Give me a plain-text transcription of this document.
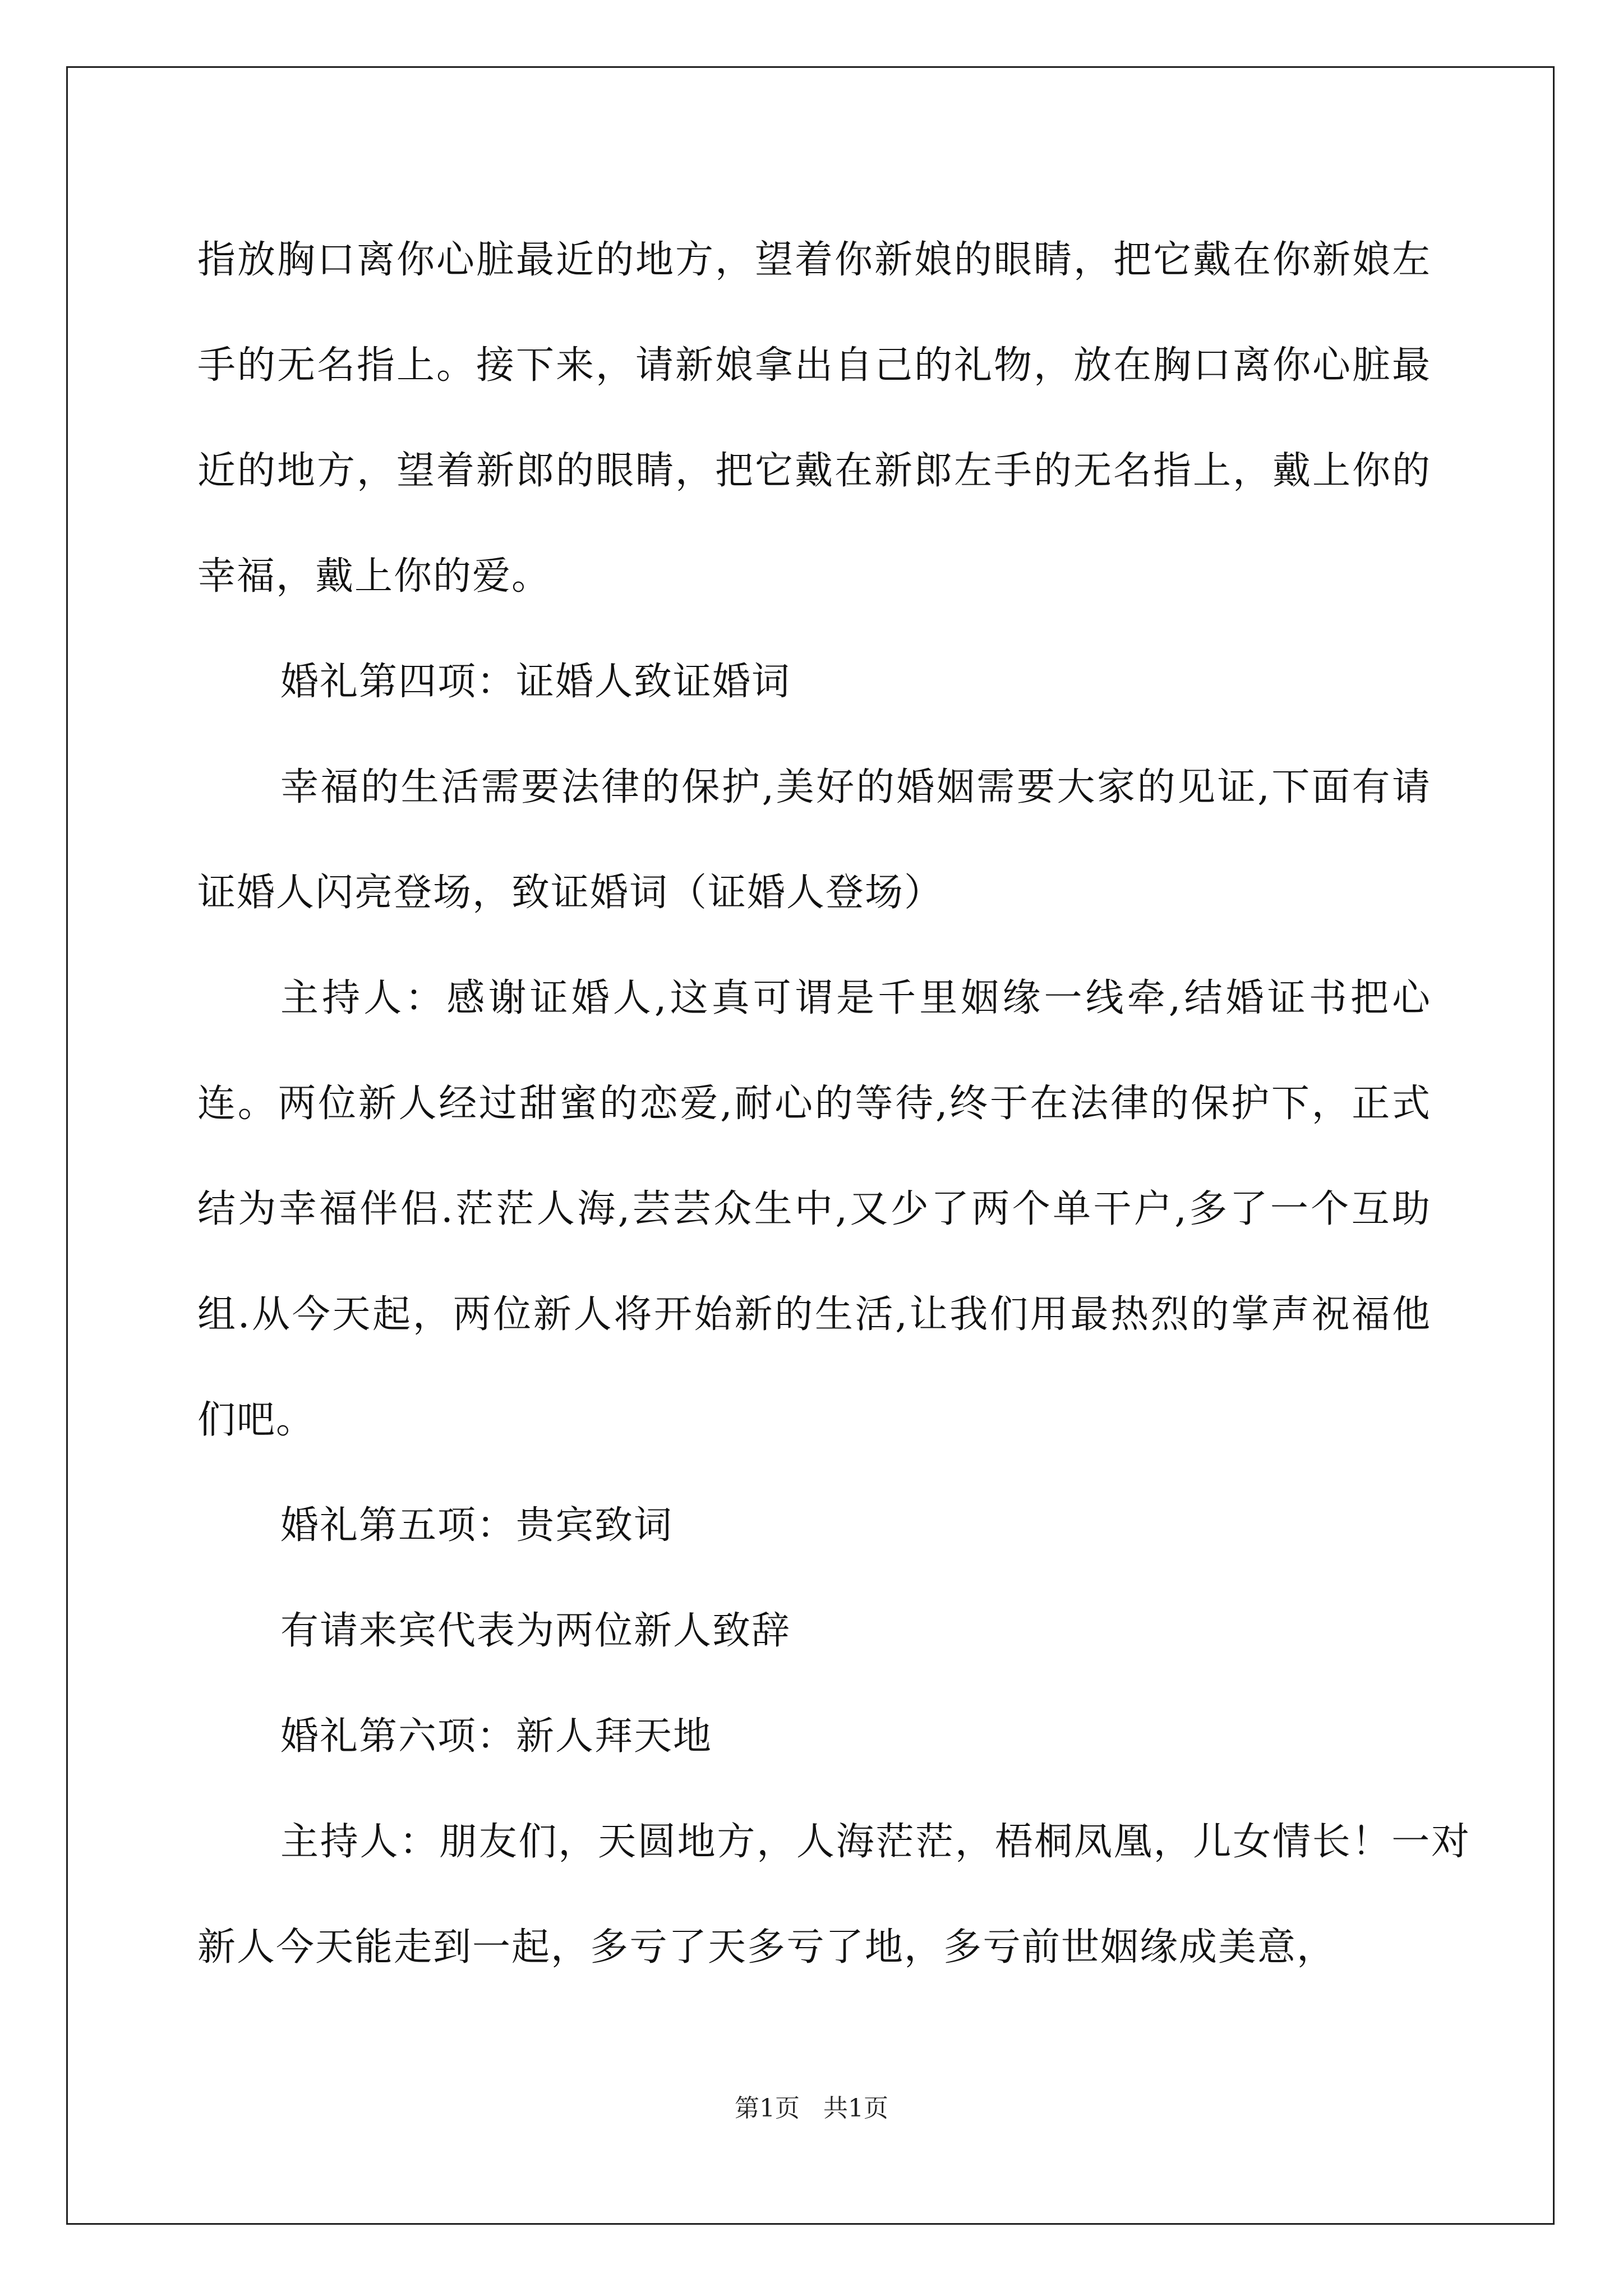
指放胸口离你心脏最近的地方，望着你新娘的眼睛，把它戴在你新娘左手的无名指上。接下来，请新娘拿出自己的礼物，放在胸口离你心脏最近的地方，望着新郎的眼睛，把它戴在新郎左手的无名指上，戴上你的幸福，戴上你的爱。

婚礼第四项：证婚人致证婚词

幸福的生活需要法律的保护,美好的婚姻需要大家的见证,下面有请证婚人闪亮登场，致证婚词（证婚人登场）

主持人：感谢证婚人,这真可谓是千里姻缘一线牵,结婚证书把心连。两位新人经过甜蜜的恋爱,耐心的等待,终于在法律的保护下，正式结为幸福伴侣.茫茫人海,芸芸众生中,又少了两个单干户,多了一个互助组.从今天起，两位新人将开始新的生活,让我们用最热烈的掌声祝福他们吧。

婚礼第五项：贵宾致词

有请来宾代表为两位新人致辞

婚礼第六项：新人拜天地

主持人：朋友们，天圆地方，人海茫茫，梧桐凤凰，儿女情长！一对新人今天能走到一起，多亏了天多亏了地，多亏前世姻缘成美意，

第1页 共1页
